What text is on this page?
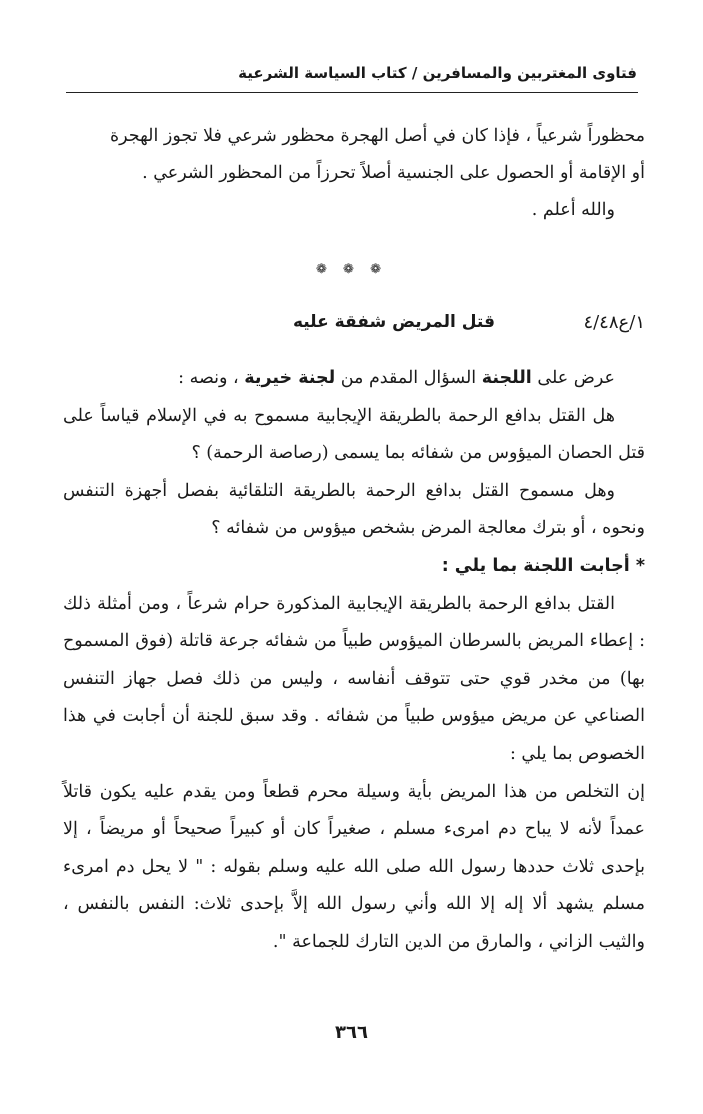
فتاوى المغتربين والمسافرين / كتاب السياسة الشرعية

محظوراً شرعياً ، فإذا كان في أصل الهجرة محظور شرعي فلا تجوز الهجرة

أو الإقامة أو الحصول على الجنسية أصلاً تحرزاً من المحظور الشرعي .

والله أعلم .

❁ ❁ ❁
١/ع٤/٤٨
قتل المريض شفقة عليه

عرض على اللجنة السؤال المقدم من لجنة خيرية ، ونصه :

هل القتل بدافع الرحمة بالطريقة الإيجابية مسموح به في الإسلام قياساً على قتل الحصان الميؤوس من شفائه بما يسمى (رصاصة الرحمة) ؟

وهل مسموح القتل بدافع الرحمة بالطريقة التلقائية بفصل أجهزة التنفس ونحوه ، أو بترك معالجة المرض بشخص ميؤوس من شفائه ؟

* أجابت اللجنة بما يلي :

القتل بدافع الرحمة بالطريقة الإيجابية المذكورة حرام شرعاً ، ومن أمثلة ذلك : إعطاء المريض بالسرطان الميؤوس طبياً من شفائه جرعة قاتلة (فوق المسموح بها) من مخدر قوي حتى تتوقف أنفاسه ، وليس من ذلك فصل جهاز التنفس الصناعي عن مريض ميؤوس طبياً من شفائه . وقد سبق للجنة أن أجابت في هذا الخصوص بما يلي :

إن التخلص من هذا المريض بأية وسيلة محرم قطعاً ومن يقدم عليه يكون قاتلاً عمداً لأنه لا يباح دم امرىء مسلم ، صغيراً كان أو كبيراً صحيحاً أو مريضاً ، إلا بإحدى ثلاث حددها رسول الله صلى الله عليه وسلم بقوله : " لا يحل دم امرىء مسلم يشهد ألا إله إلا الله وأني رسول الله إلاَّ بإحدى ثلاث: النفس بالنفس ، والثيب الزاني ، والمارق من الدين التارك للجماعة ".

٣٦٦
